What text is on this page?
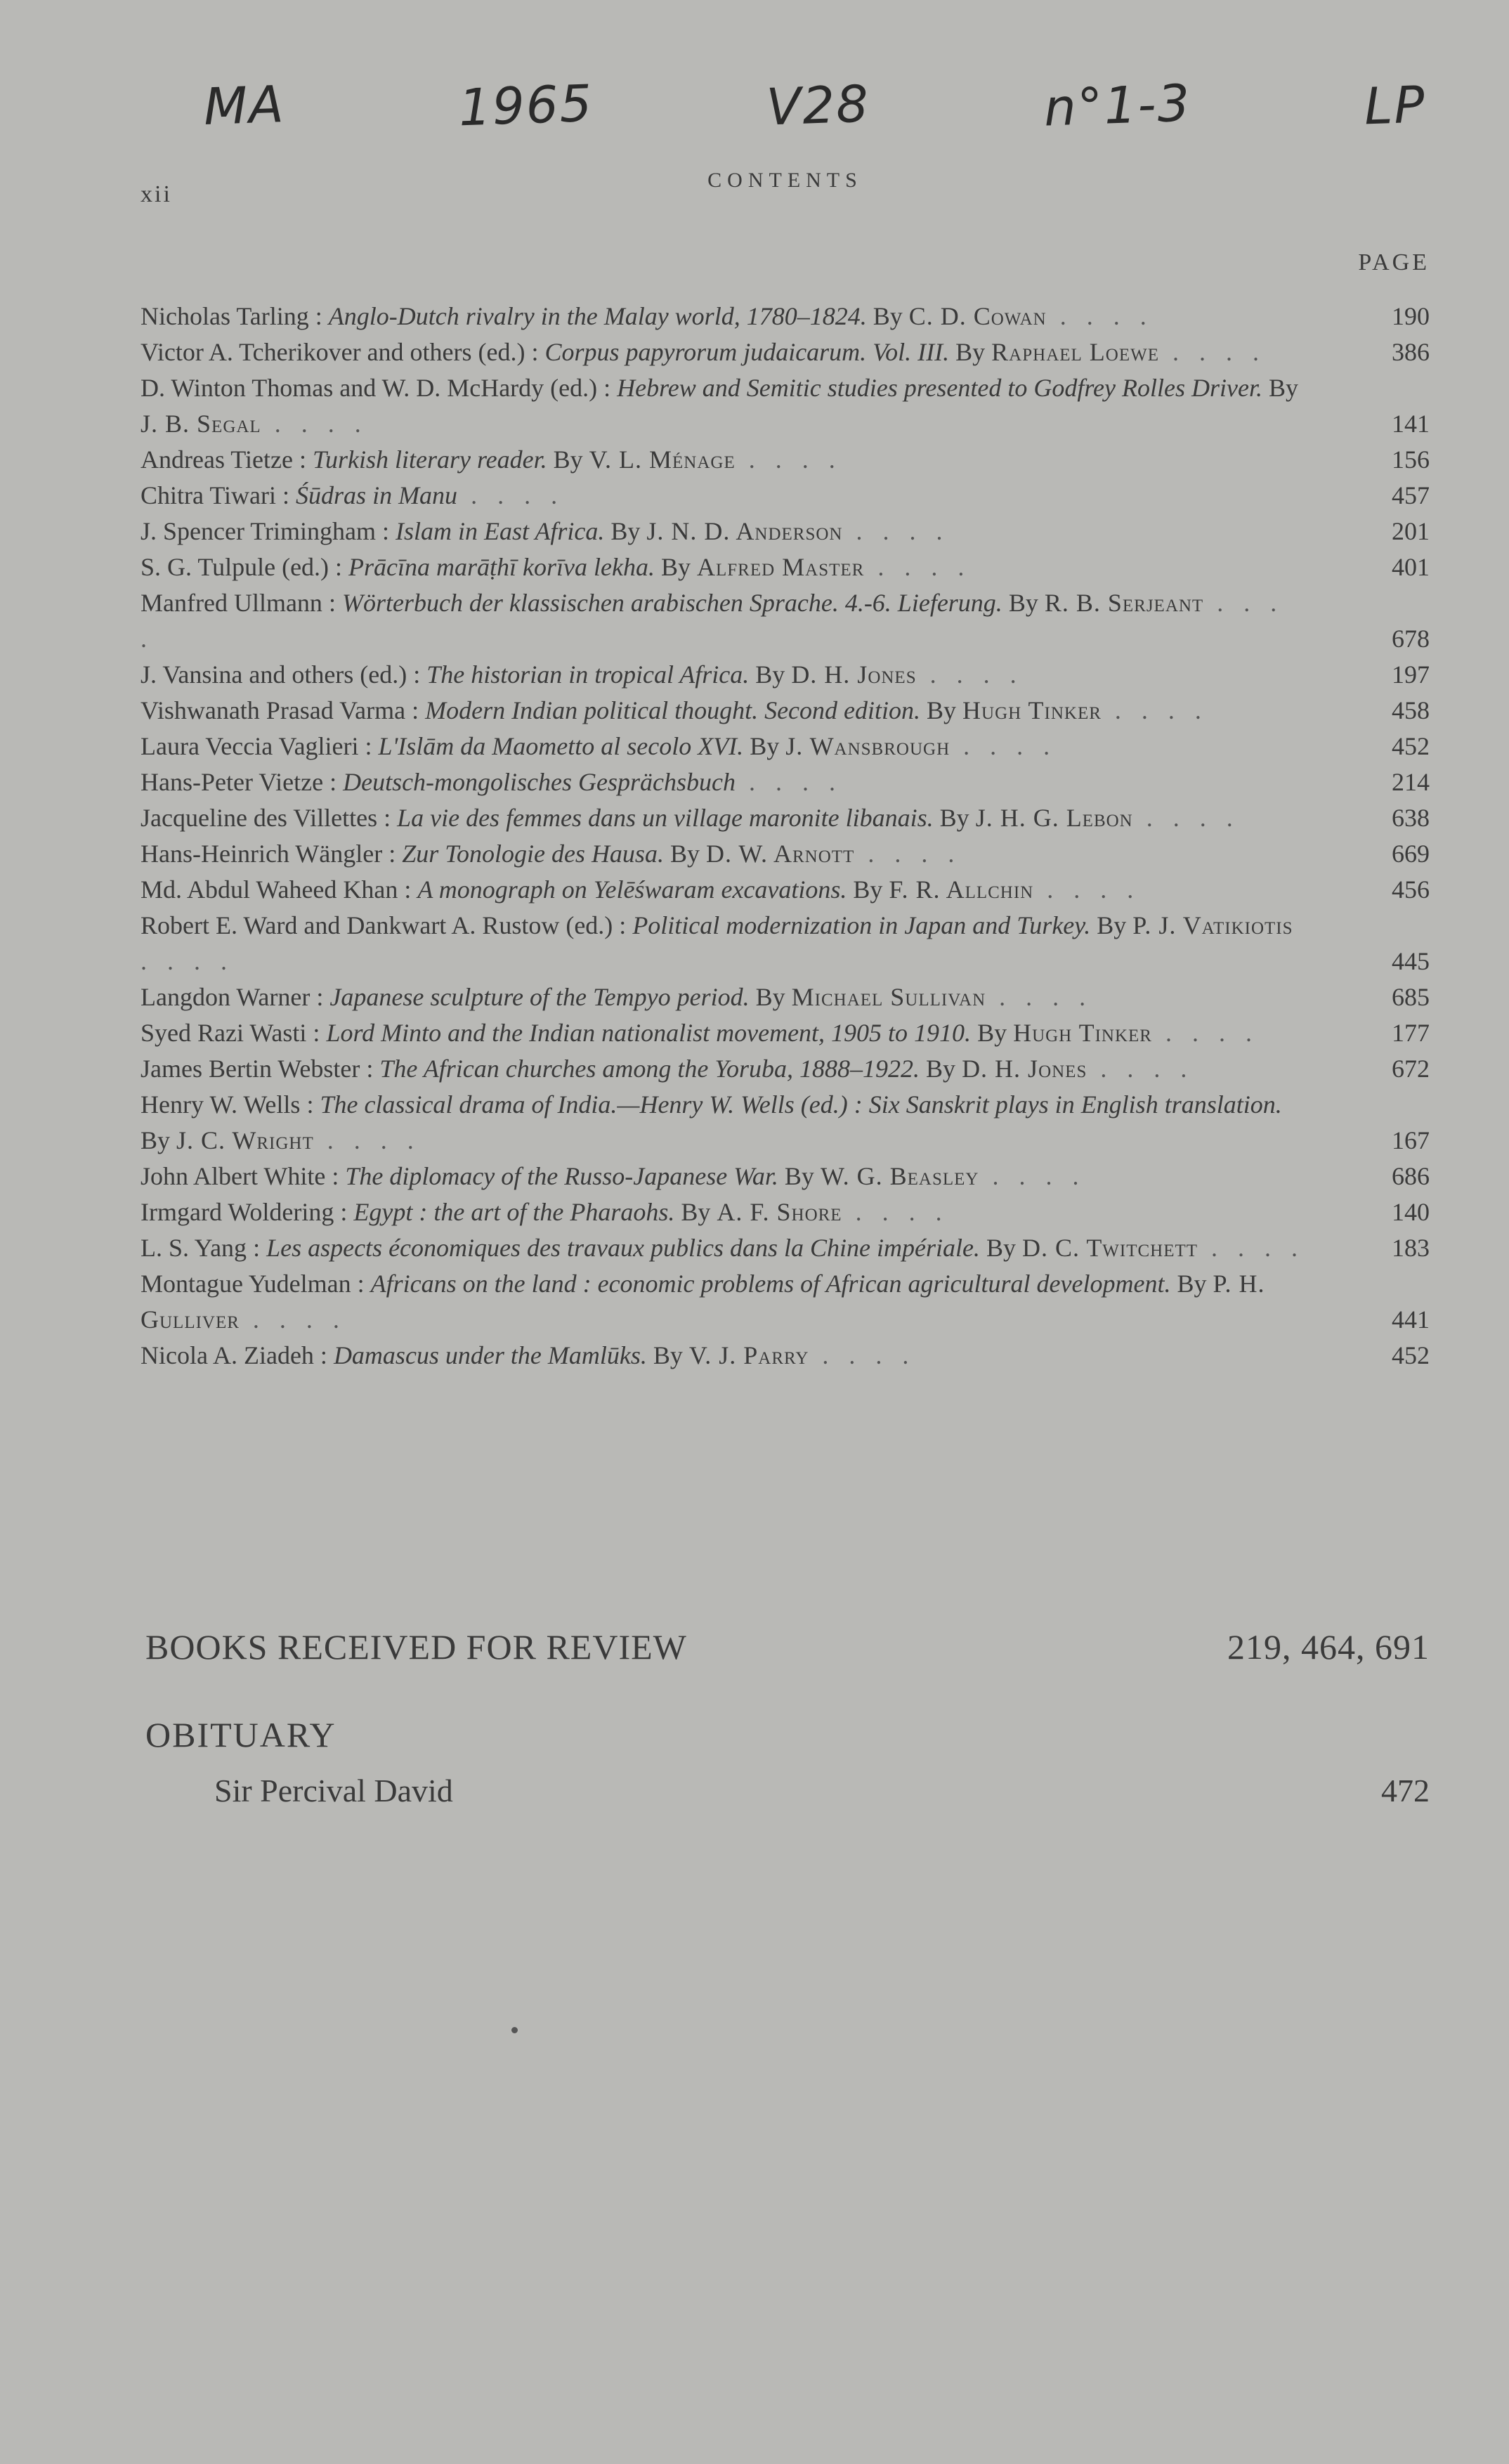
MA	1965	V28	n°1-3	LP
xii
CONTENTS
PAGE
Nicholas Tarling : Anglo-Dutch rivalry in the Malay world, 1780–1824. By C. D. Cowan . . . .	190
Victor A. Tcherikover and others (ed.) : Corpus papyrorum judaicarum. Vol. III. By Raphael Loewe . . . .	386
D. Winton Thomas and W. D. McHardy (ed.) : Hebrew and Semitic studies presented to Godfrey Rolles Driver. By J. B. Segal . . . .	141
Andreas Tietze : Turkish literary reader. By V. L. Ménage . . . .	156
Chitra Tiwari : Śūdras in Manu . . . .	457
J. Spencer Trimingham : Islam in East Africa. By J. N. D. Anderson . . . .	201
S. G. Tulpule (ed.) : Prācīna marāṭhī korīva lekha. By Alfred Master . . . .	401
Manfred Ullmann : Wörterbuch der klassischen arabischen Sprache. 4.-6. Lieferung. By R. B. Serjeant . . . .	678
J. Vansina and others (ed.) : The historian in tropical Africa. By D. H. Jones . . . .	197
Vishwanath Prasad Varma : Modern Indian political thought. Second edition. By Hugh Tinker . . . .	458
Laura Veccia Vaglieri : L'Islām da Maometto al secolo XVI. By J. Wansbrough . . . .	452
Hans-Peter Vietze : Deutsch-mongolisches Gesprächsbuch . . . .	214
Jacqueline des Villettes : La vie des femmes dans un village maronite libanais. By J. H. G. Lebon . . . .	638
Hans-Heinrich Wängler : Zur Tonologie des Hausa. By D. W. Arnott . . . .	669
Md. Abdul Waheed Khan : A monograph on Yelēśwaram excavations. By F. R. Allchin . . . .	456
Robert E. Ward and Dankwart A. Rustow (ed.) : Political modernization in Japan and Turkey. By P. J. Vatikiotis . . . .	445
Langdon Warner : Japanese sculpture of the Tempyo period. By Michael Sullivan . . . .	685
Syed Razi Wasti : Lord Minto and the Indian nationalist movement, 1905 to 1910. By Hugh Tinker . . . .	177
James Bertin Webster : The African churches among the Yoruba, 1888–1922. By D. H. Jones . . . .	672
Henry W. Wells : The classical drama of India.—Henry W. Wells (ed.) : Six Sanskrit plays in English translation. By J. C. Wright . . . .	167
John Albert White : The diplomacy of the Russo-Japanese War. By W. G. Beasley . . . .	686
Irmgard Woldering : Egypt : the art of the Pharaohs. By A. F. Shore . . . .	140
L. S. Yang : Les aspects économiques des travaux publics dans la Chine impériale. By D. C. Twitchett . . . .	183
Montague Yudelman : Africans on the land : economic problems of African agricultural development. By P. H. Gulliver . . . .	441
Nicola A. Ziadeh : Damascus under the Mamlūks. By V. J. Parry . . . .	452
BOOKS RECEIVED FOR REVIEW	219, 464, 691
OBITUARY
Sir Percival David	472
